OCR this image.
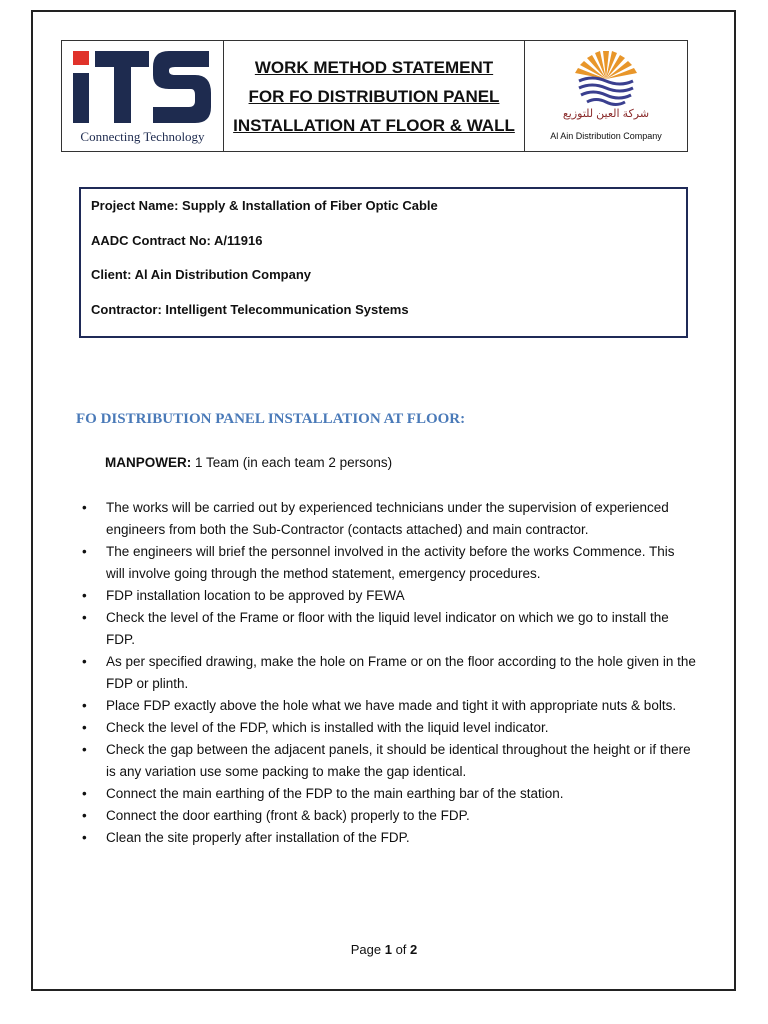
Connecting Technology
WORK METHOD STATEMENT
FOR FO DISTRIBUTION PANEL
INSTALLATION AT FLOOR & WALL
شركة العين للتوزيع
Al Ain Distribution Company
Project Name: Supply & Installation of Fiber Optic Cable
AADC Contract No: A/11916
Client: Al Ain Distribution Company
Contractor: Intelligent Telecommunication Systems
FO DISTRIBUTION PANEL INSTALLATION AT FLOOR:
MANPOWER: 1 Team (in each team 2 persons)
• The works will be carried out by experienced technicians under the supervision of experienced engineers from both the Sub-Contractor (contacts attached) and main contractor.
• The engineers will brief the personnel involved in the activity before the works Commence. This will involve going through the method statement, emergency procedures.
• FDP installation location to be approved by FEWA
• Check the level of the Frame or floor with the liquid level indicator on which we go to install the FDP.
• As per specified drawing, make the hole on Frame or on the floor according to the hole given in the FDP or plinth.
• Place FDP exactly above the hole what we have made and tight it with appropriate nuts & bolts.
• Check the level of the FDP, which is installed with the liquid level indicator.
• Check the gap between the adjacent panels, it should be identical throughout the height or if there is any variation use some packing to make the gap identical.
• Connect the main earthing of the FDP to the main earthing bar of the station.
• Connect the door earthing (front & back) properly to the FDP.
• Clean the site properly after installation of the FDP.
Page 1 of 2
